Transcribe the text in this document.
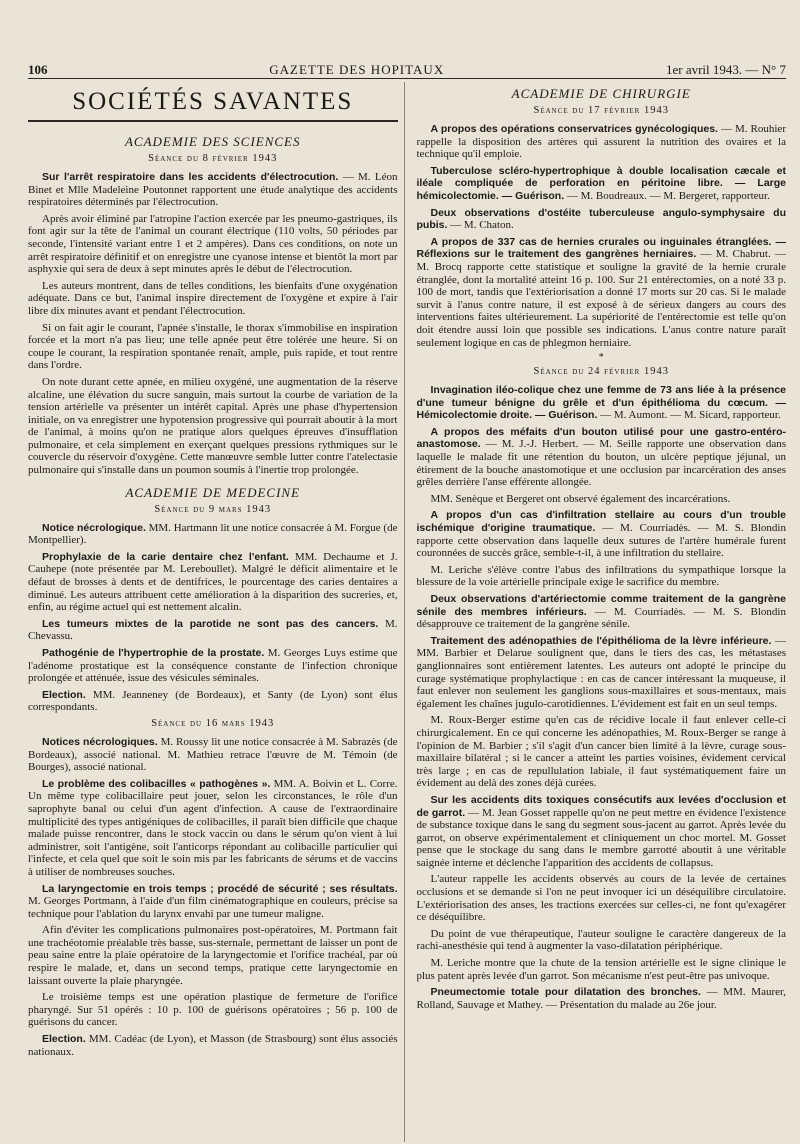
106	GAZETTE DES HOPITAUX	1er avril 1943. — N° 7
SOCIÉTÉS SAVANTES
ACADEMIE DES SCIENCES
Séance du 8 février 1943

Sur l'arrêt respiratoire dans les accidents d'électrocution. — M. Léon Binet et Mlle Madeleine Poutonnet rapportent une étude analytique des accidents respiratoires déterminés par l'électrocution.

Après avoir éliminé par l'atropine l'action exercée par les pneumo-gastriques, ils font agir sur la tête de l'animal un courant électrique (110 volts, 50 périodes par seconde, l'intensité variant entre 1 et 2 ampères). Dans ces conditions, on note un arrêt respiratoire définitif et on enregistre une cyanose intense et bientôt la mort par asphyxie qui sera de deux à sept minutes après le début de l'électrocution.

Les auteurs montrent, dans de telles conditions, les bienfaits d'une oxygénation adéquate. Dans ce but, l'animal inspire directement de l'oxygène et expire à l'air libre dix minutes avant et pendant l'électrocution.

Si on fait agir le courant, l'apnée s'installe, le thorax s'immobilise en inspiration forcée et la mort n'a pas lieu; une telle apnée peut être tolérée une heure. Si on coupe le courant, la respiration spontanée renaît, ample, puis rapide, et tout rentre dans l'ordre.

On note durant cette apnée, en milieu oxygéné, une augmentation de la réserve alcaline, une élévation du sucre sanguin, mais surtout la courbe de variation de la tension artérielle va présenter un intérêt capital. Après une phase d'hypertension initiale, on va enregistrer une hypotension progressive qui pourrait aboutir à la mort de l'animal, à moins qu'on ne pratique alors quelques épreuves d'insufflation pulmonaire, et cela simplement en exerçant quelques pressions rythmiques sur le couvercle du réservoir d'oxygène. Cette manœuvre semble lutter contre l'atelectasie pulmonaire qui s'installe dans un poumon soumis à l'inertie trop prolongée.

ACADEMIE DE MEDECINE
Séance du 9 mars 1943

Notice nécrologique. MM. Hartmann lit une notice consacrée à M. Forgue (de Montpellier).

Prophylaxie de la carie dentaire chez l'enfant. MM. Dechaume et J. Cauhepe (note présentée par M. Lereboullet). Malgré le déficit alimentaire et le défaut de brosses à dents et de dentifrices, le pourcentage des caries dentaires a diminué. Les auteurs attribuent cette amélioration à la disparition des sucreries, et, enfin, au régime actuel qui est nettement alcalin.

Les tumeurs mixtes de la parotide ne sont pas des cancers. M. Chevassu.

Pathogénie de l'hypertrophie de la prostate. M. Georges Luys estime que l'adénome prostatique est la conséquence constante de l'infection chronique prolongée et atténuée, issue des vésicules séminales.

Election. MM. Jeanneney (de Bordeaux), et Santy (de Lyon) sont élus correspondants.

Séance du 16 mars 1943

Notices nécrologiques. M. Roussy lit une notice consacrée à M. Sabrazès (de Bordeaux), associé national. M. Mathieu retrace l'œuvre de M. Témoin (de Bourges), associé national.

Le problème des colibacilles « pathogènes ». MM. A. Boivin et L. Corre. Un même type colibacillaire peut jouer, selon les circonstances, le rôle d'un saprophyte banal ou celui d'un agent d'infection. A cause de l'extraordinaire multiplicité des types antigéniques de colibacilles, il paraît bien difficile que chaque malade puisse rencontrer, dans le stock vaccin ou dans le sérum qu'on vient à lui administrer, soit l'antigène, soit l'anticorps répondant au colibacille particulier qui l'infecte, et cela quel que soit le soin mis par les fabricants de sérums et de vaccins à utiliser de nombreuses souches.

La laryngectomie en trois temps ; procédé de sécurité ; ses résultats. M. Georges Portmann, à l'aide d'un film cinématographique en couleurs, précise sa technique pour l'ablation du larynx envahi par une tumeur maligne.

Afin d'éviter les complications pulmonaires post-opératoires, M. Portmann fait une trachéotomie préalable très basse, sus-sternale, permettant de laisser un pont de peau saine entre la plaie opératoire de la laryngectomie et l'orifice trachéal, par où respire le malade, et, dans un second temps, pratique cette laryngectomie en laissant ouverte la plaie pharyngée.

Le troisième temps est une opération plastique de fermeture de l'orifice pharyngé. Sur 51 opérés : 10 p. 100 de guérisons opératoires ; 56 p. 100 de guérisons du cancer.

Election. MM. Cadéac (de Lyon), et Masson (de Strasbourg) sont élus associés nationaux.

ACADEMIE DE CHIRURGIE
Séance du 17 février 1943

A propos des opérations conservatrices gynécologiques. — M. Rouhier rappelle la disposition des artères qui assurent la nutrition des ovaires et la technique qu'il emploie.

Tuberculose scléro-hypertrophique à double localisation cæcale et iléale compliquée de perforation en péritoine libre. — Large hémicolectomie. — Guérison. — M. Boudreaux. — M. Bergeret, rapporteur.

Deux observations d'ostéite tuberculeuse angulo-symphysaire du pubis. — M. Chaton.

A propos de 337 cas de hernies crurales ou inguinales étranglées. — Réflexions sur le traitement des gangrènes herniaires. — M. Chabrut. — M. Brocq rapporte cette statistique et souligne la gravité de la hernie crurale étranglée, dont la mortalité atteint 16 p. 100. Sur 21 entérectomies, on a noté 33 p. 100 de mort, tandis que l'extériorisation a donné 17 morts sur 20 cas. Si le malade survit à l'anus contre nature, il est exposé à de sérieux dangers au cours des interventions faites ultérieurement. La supériorité de l'entérectomie est telle qu'on doit étendre aussi loin que possible ses indications. L'anus contre nature paraît seulement logique en cas de phlegmon herniaire.

*
Séance du 24 février 1943

Invagination iléo-colique chez une femme de 73 ans liée à la présence d'une tumeur bénigne du grêle et d'un épithélioma du cœcum. — Hémicolectomie droite. — Guérison. — M. Aumont. — M. Sicard, rapporteur.

A propos des méfaits d'un bouton utilisé pour une gastro-entéro-anastomose. — M. J.-J. Herbert. — M. Seille rapporte une observation dans laquelle le malade fit une rétention du bouton, un ulcère peptique jéjunal, un étirement de la bouche anastomotique et une occlusion par incarcération des anses grêles derrière l'anse efférente allongée.

MM. Senèque et Bergeret ont observé également des incarcérations.

A propos d'un cas d'infiltration stellaire au cours d'un trouble ischémique d'origine traumatique. — M. Courriadès. — M. S. Blondin rapporte cette observation dans laquelle deux sutures de l'artère humérale furent couronnées de succès grâce, semble-t-il, à une infiltration du stellaire.

M. Leriche s'élève contre l'abus des infiltrations du sympathique lorsque la blessure de la voie artérielle principale exige le sacrifice du membre.

Deux observations d'artériectomie comme traitement de la gangrène sénile des membres inférieurs. — M. Courriadès. — M. S. Blondin désapprouve ce traitement de la gangrène sénile.

Traitement des adénopathies de l'épithélioma de la lèvre inférieure. — MM. Barbier et Delarue soulignent que, dans le tiers des cas, les métastases ganglionnaires sont entièrement latentes. Les auteurs ont adopté le principe du curage systématique prophylactique : en cas de cancer intéressant la muqueuse, il faut enlever non seulement les ganglions sous-maxillaires et sous-mentaux, mais également les chaînes jugulo-carotidiennes. L'évidement est fait en un seul temps.

M. Roux-Berger estime qu'en cas de récidive locale il faut enlever celle-ci chirurgicalement. En ce qui concerne les adénopathies, M. Roux-Berger se range à l'opinion de M. Barbier ; s'il s'agit d'un cancer bien limité à la lèvre, curage sous-maxillaire bilatéral ; si le cancer a atteint les parties voisines, évidement cervical très large ; en cas de repullulation labiale, il faut systématiquement faire un évidement au delà des zones déjà curées.

Sur les accidents dits toxiques consécutifs aux levées d'occlusion et de garrot. — M. Jean Gosset rappelle qu'on ne peut mettre en évidence l'existence de substance toxique dans le sang du segment sous-jacent au garrot. Après levée du garrot, on observe expérimentalement et cliniquement un choc mortel. M. Gosset pense que le stockage du sang dans le membre garrotté aboutit à une véritable saignée interne et déclenche l'apparition des accidents de collapsus.

L'auteur rappelle les accidents observés au cours de la levée de certaines occlusions et se demande si l'on ne peut invoquer ici un déséquilibre circulatoire. L'extériorisation des anses, les tractions exercées sur celles-ci, ne font qu'exagérer ce déséquilibre.

Du point de vue thérapeutique, l'auteur souligne le caractère dangereux de la rachi-anesthésie qui tend à augmenter la vaso-dilatation périphérique.

M. Leriche montre que la chute de la tension artérielle est le signe clinique le plus patent après levée d'un garrot. Son mécanisme n'est peut-être pas univoque.

Pneumectomie totale pour dilatation des bronches. — MM. Maurer, Rolland, Sauvage et Mathey. — Présentation du malade au 26e jour.
